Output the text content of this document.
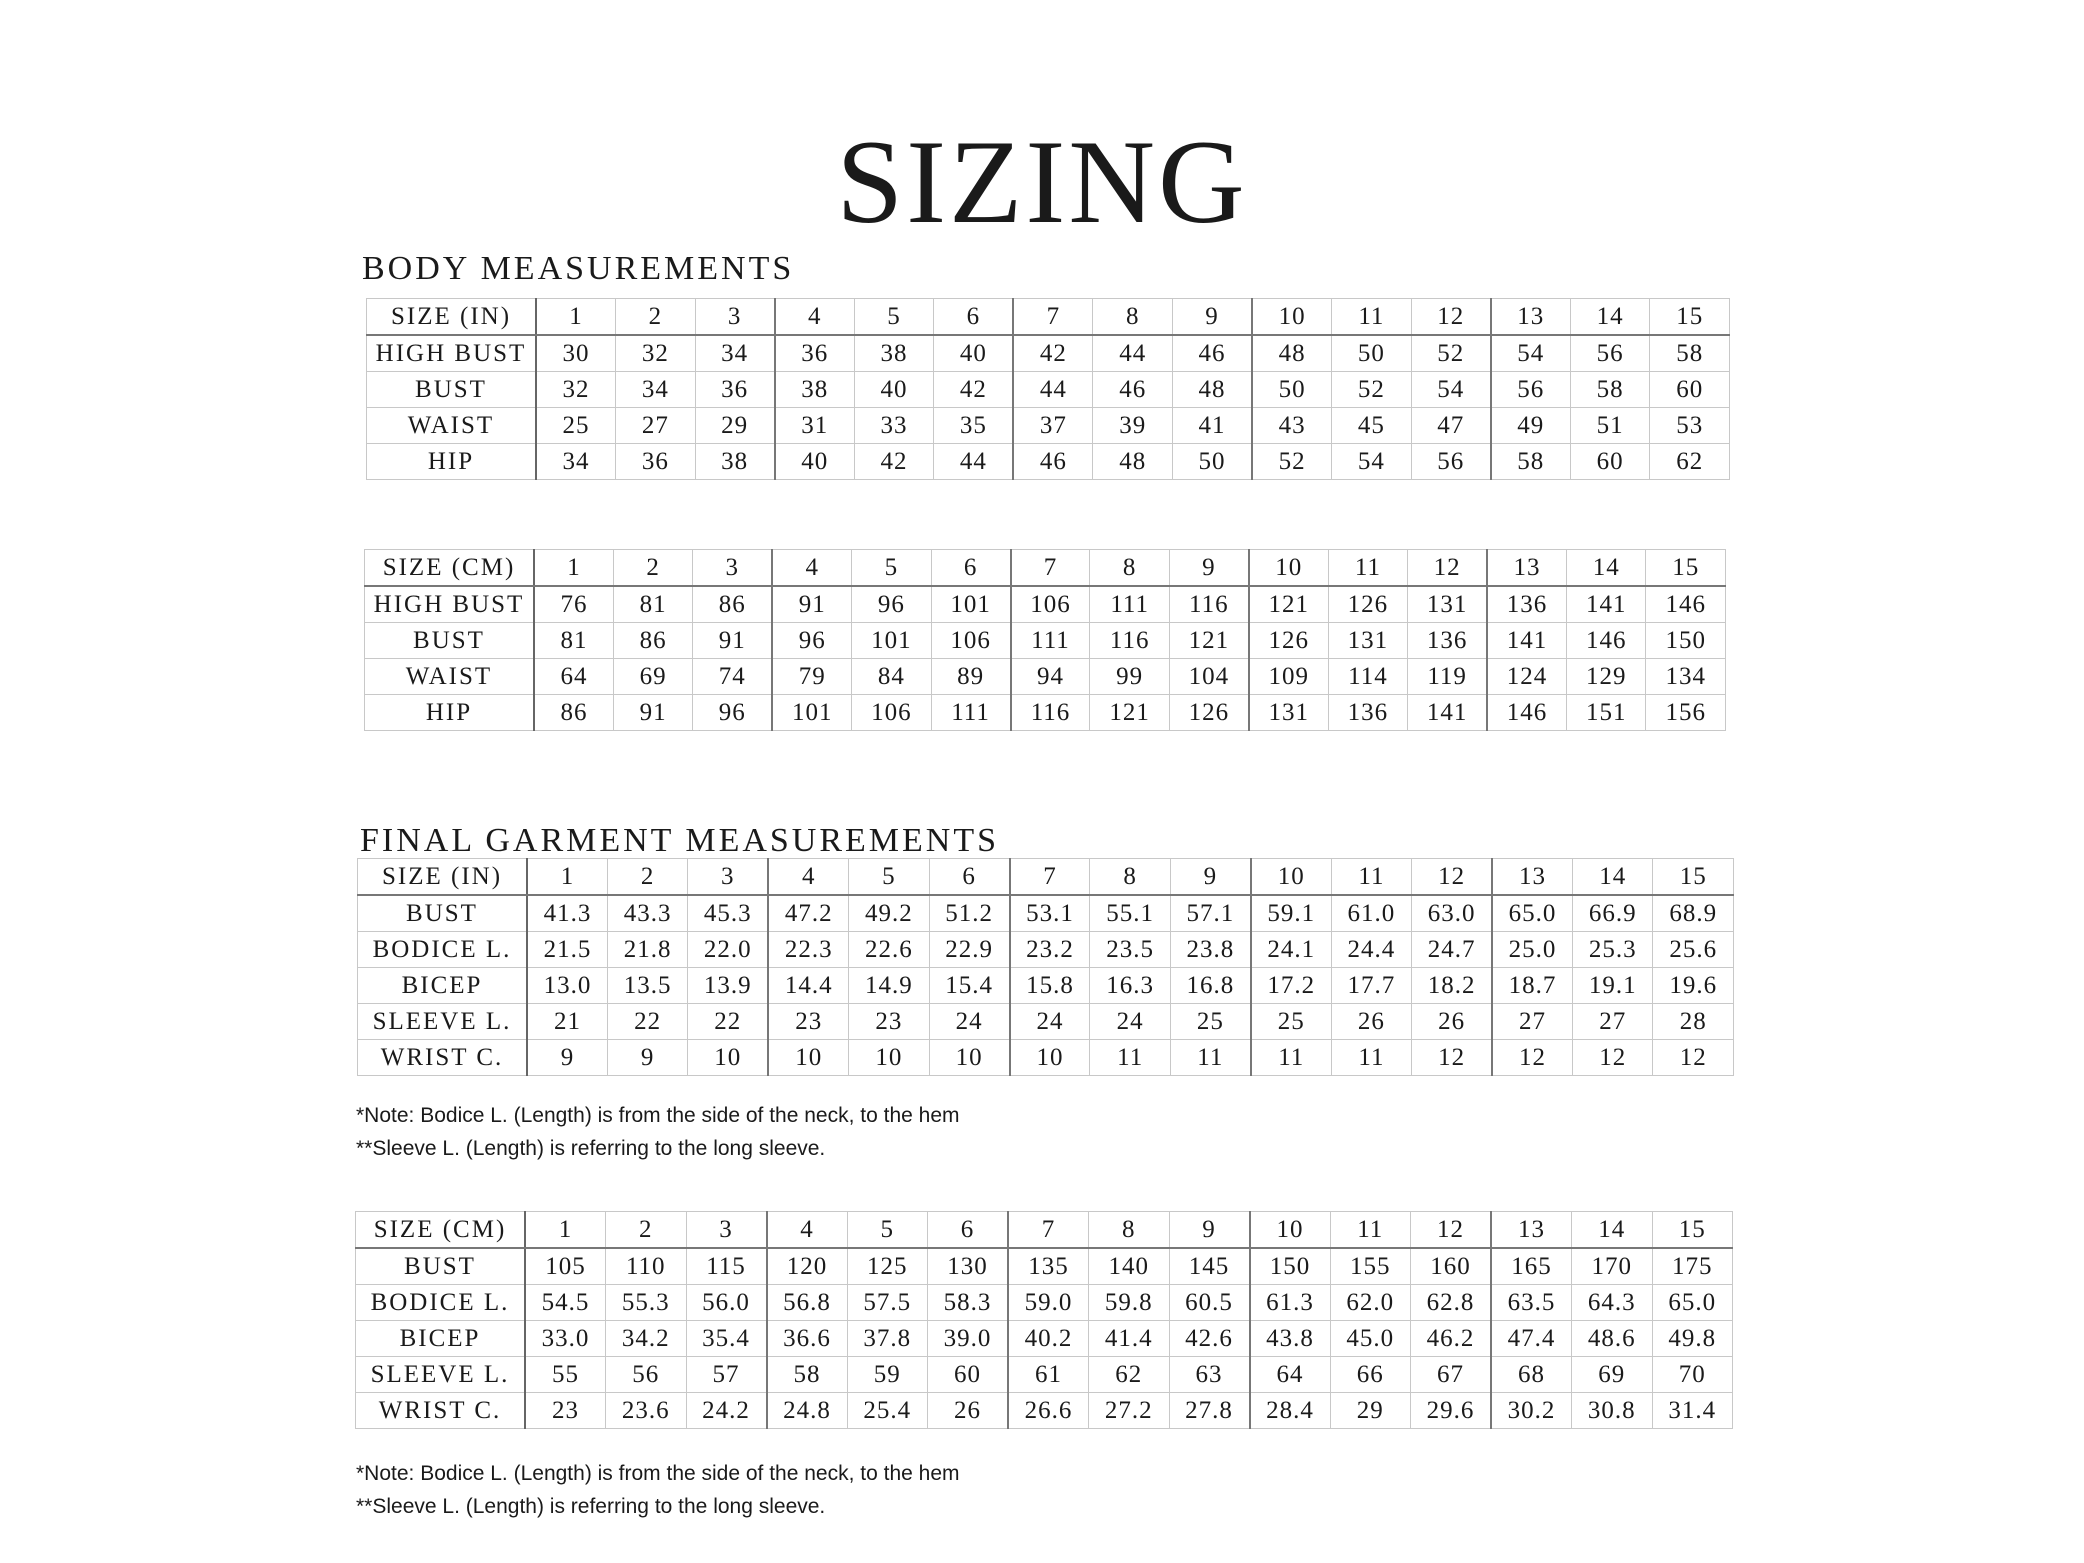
SIZING
BODY MEASUREMENTS
SIZE (IN)	1	2	3	4	5	6	7	8	9	10	11	12	13	14	15
HIGH BUST	30	32	34	36	38	40	42	44	46	48	50	52	54	56	58
BUST	32	34	36	38	40	42	44	46	48	50	52	54	56	58	60
WAIST	25	27	29	31	33	35	37	39	41	43	45	47	49	51	53
HIP	34	36	38	40	42	44	46	48	50	52	54	56	58	60	62
SIZE (CM)	1	2	3	4	5	6	7	8	9	10	11	12	13	14	15
HIGH BUST	76	81	86	91	96	101	106	111	116	121	126	131	136	141	146
BUST	81	86	91	96	101	106	111	116	121	126	131	136	141	146	150
WAIST	64	69	74	79	84	89	94	99	104	109	114	119	124	129	134
HIP	86	91	96	101	106	111	116	121	126	131	136	141	146	151	156
FINAL GARMENT MEASUREMENTS
SIZE (IN)	1	2	3	4	5	6	7	8	9	10	11	12	13	14	15
BUST	41.3	43.3	45.3	47.2	49.2	51.2	53.1	55.1	57.1	59.1	61.0	63.0	65.0	66.9	68.9
BODICE L.	21.5	21.8	22.0	22.3	22.6	22.9	23.2	23.5	23.8	24.1	24.4	24.7	25.0	25.3	25.6
BICEP	13.0	13.5	13.9	14.4	14.9	15.4	15.8	16.3	16.8	17.2	17.7	18.2	18.7	19.1	19.6
SLEEVE L.	21	22	22	23	23	24	24	24	25	25	26	26	27	27	28
WRIST C.	9	9	10	10	10	10	10	11	11	11	11	12	12	12	12
*Note: Bodice L. (Length) is from the side of the neck, to the hem
**Sleeve L. (Length) is referring to the long sleeve.
SIZE (CM)	1	2	3	4	5	6	7	8	9	10	11	12	13	14	15
BUST	105	110	115	120	125	130	135	140	145	150	155	160	165	170	175
BODICE L.	54.5	55.3	56.0	56.8	57.5	58.3	59.0	59.8	60.5	61.3	62.0	62.8	63.5	64.3	65.0
BICEP	33.0	34.2	35.4	36.6	37.8	39.0	40.2	41.4	42.6	43.8	45.0	46.2	47.4	48.6	49.8
SLEEVE L.	55	56	57	58	59	60	61	62	63	64	66	67	68	69	70
WRIST C.	23	23.6	24.2	24.8	25.4	26	26.6	27.2	27.8	28.4	29	29.6	30.2	30.8	31.4
*Note: Bodice L. (Length) is from the side of the neck, to the hem
**Sleeve L. (Length) is referring to the long sleeve.
